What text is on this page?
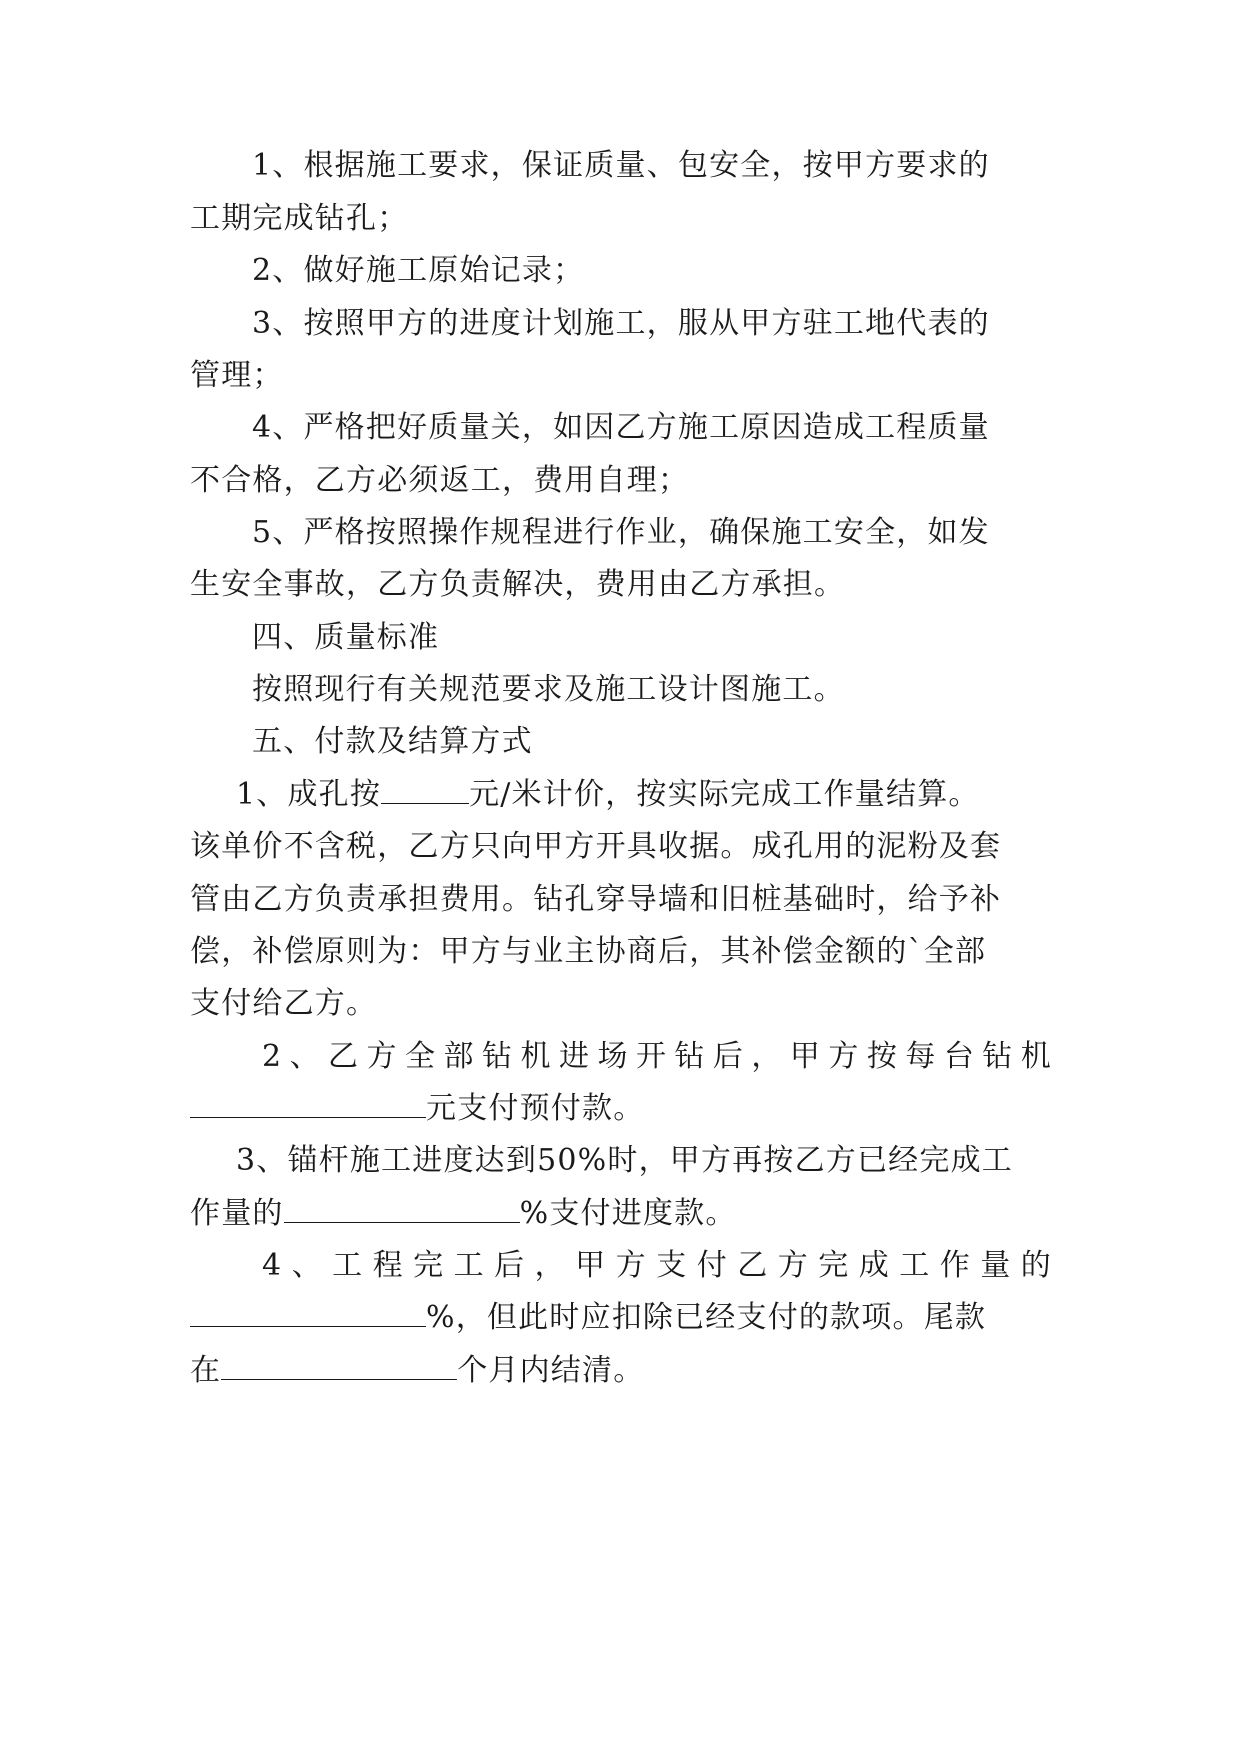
1、根据施工要求，保证质量、包安全，按甲方要求的
工期完成钻孔；
2、做好施工原始记录；
3、按照甲方的进度计划施工，服从甲方驻工地代表的
管理；
4、严格把好质量关，如因乙方施工原因造成工程质量
不合格，乙方必须返工，费用自理；
5、严格按照操作规程进行作业，确保施工安全，如发
生安全事故，乙方负责解决，费用由乙方承担。
四、质量标准
按照现行有关规范要求及施工设计图施工。
五、付款及结算方式
1、成孔按	元/米计价，按实际完成工作量结算。
该单价不含税，乙方只向甲方开具收据。成孔用的泥粉及套
管由乙方负责承担费用。钻孔穿导墙和旧桩基础时，给予补
偿，补偿原则为：甲方与业主协商后，其补偿金额的`全部
支付给乙方。
2、乙方全部钻机进场开钻后，甲方按每台钻机
元支付预付款。
3、锚杆施工进度达到50%时，甲方再按乙方已经完成工
作量的	%支付进度款。
4、工程完工后，甲方支付乙方完成工作量的
%，但此时应扣除已经支付的款项。尾款
在	个月内结清。
